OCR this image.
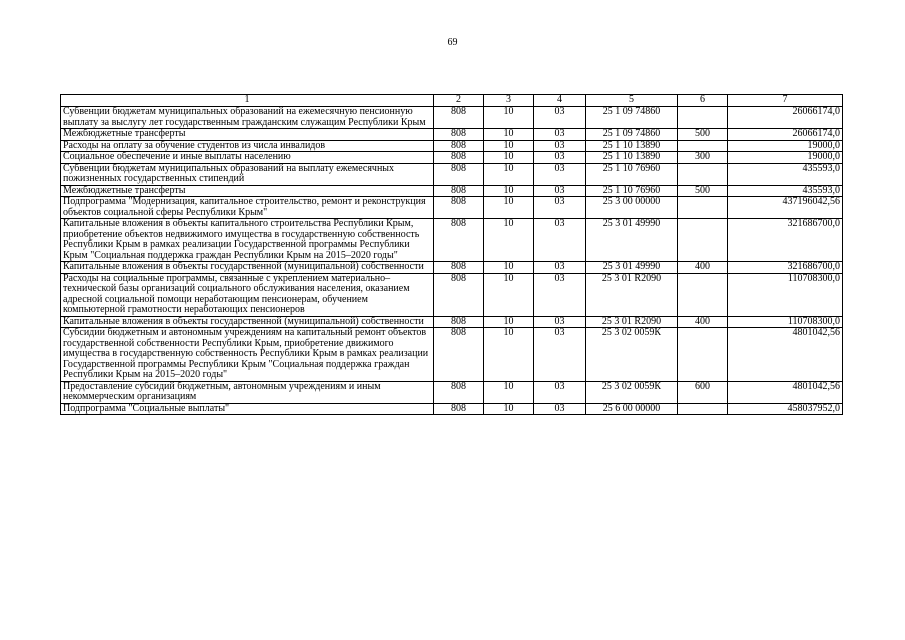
69
1	2	3	4	5	6	7
Субвенции бюджетам муниципальных образований на ежемесячную пенсионную выплату за выслугу лет государственным гражданским служащим Республики Крым	808	10	03	25 1 09 74860		26066174,0
Межбюджетные трансферты	808	10	03	25 1 09 74860	500	26066174,0
Расходы на оплату за обучение студентов из числа инвалидов	808	10	03	25 1 10 13890		19000,0
Социальное обеспечение и иные выплаты населению	808	10	03	25 1 10 13890	300	19000,0
Субвенции бюджетам муниципальных образований на выплату ежемесячных пожизненных государственных стипендий	808	10	03	25 1 10 76960		435593,0
Межбюджетные трансферты	808	10	03	25 1 10 76960	500	435593,0
Подпрограмма "Модернизация, капитальное строительство, ремонт и реконструкция объектов социальной сферы Республики Крым"	808	10	03	25 3 00 00000		437196042,56
Капитальные вложения в объекты капитального строительства Республики Крым, приобретение объектов недвижимого имущества в государственную собственность Республики Крым в рамках реализации Государственной программы Республики Крым "Социальная поддержка граждан Республики Крым на 2015–2020 годы"	808	10	03	25 3 01 49990		321686700,0
Капитальные вложения в объекты государственной (муниципальной) собственности	808	10	03	25 3 01 49990	400	321686700,0
Расходы на социальные программы, связанные с укреплением материально–технической базы организаций социального обслуживания населения, оказанием адресной социальной помощи неработающим пенсионерам, обучением компьютерной грамотности неработающих пенсионеров	808	10	03	25 3 01 R2090		110708300,0
Капитальные вложения в объекты государственной (муниципальной) собственности	808	10	03	25 3 01 R2090	400	110708300,0
Субсидии бюджетным и автономным учреждениям на капитальный ремонт объектов государственной собственности Республики Крым, приобретение движимого имущества в государственную собственность Республики Крым в рамках реализации Государственной программы Республики Крым "Социальная поддержка граждан Республики Крым на 2015–2020 годы"	808	10	03	25 3 02 0059К		4801042,56
Предоставление субсидий бюджетным, автономным учреждениям и иным некоммерческим организациям	808	10	03	25 3 02 0059К	600	4801042,56
Подпрограмма "Социальные выплаты"	808	10	03	25 6 00 00000		458037952,0
